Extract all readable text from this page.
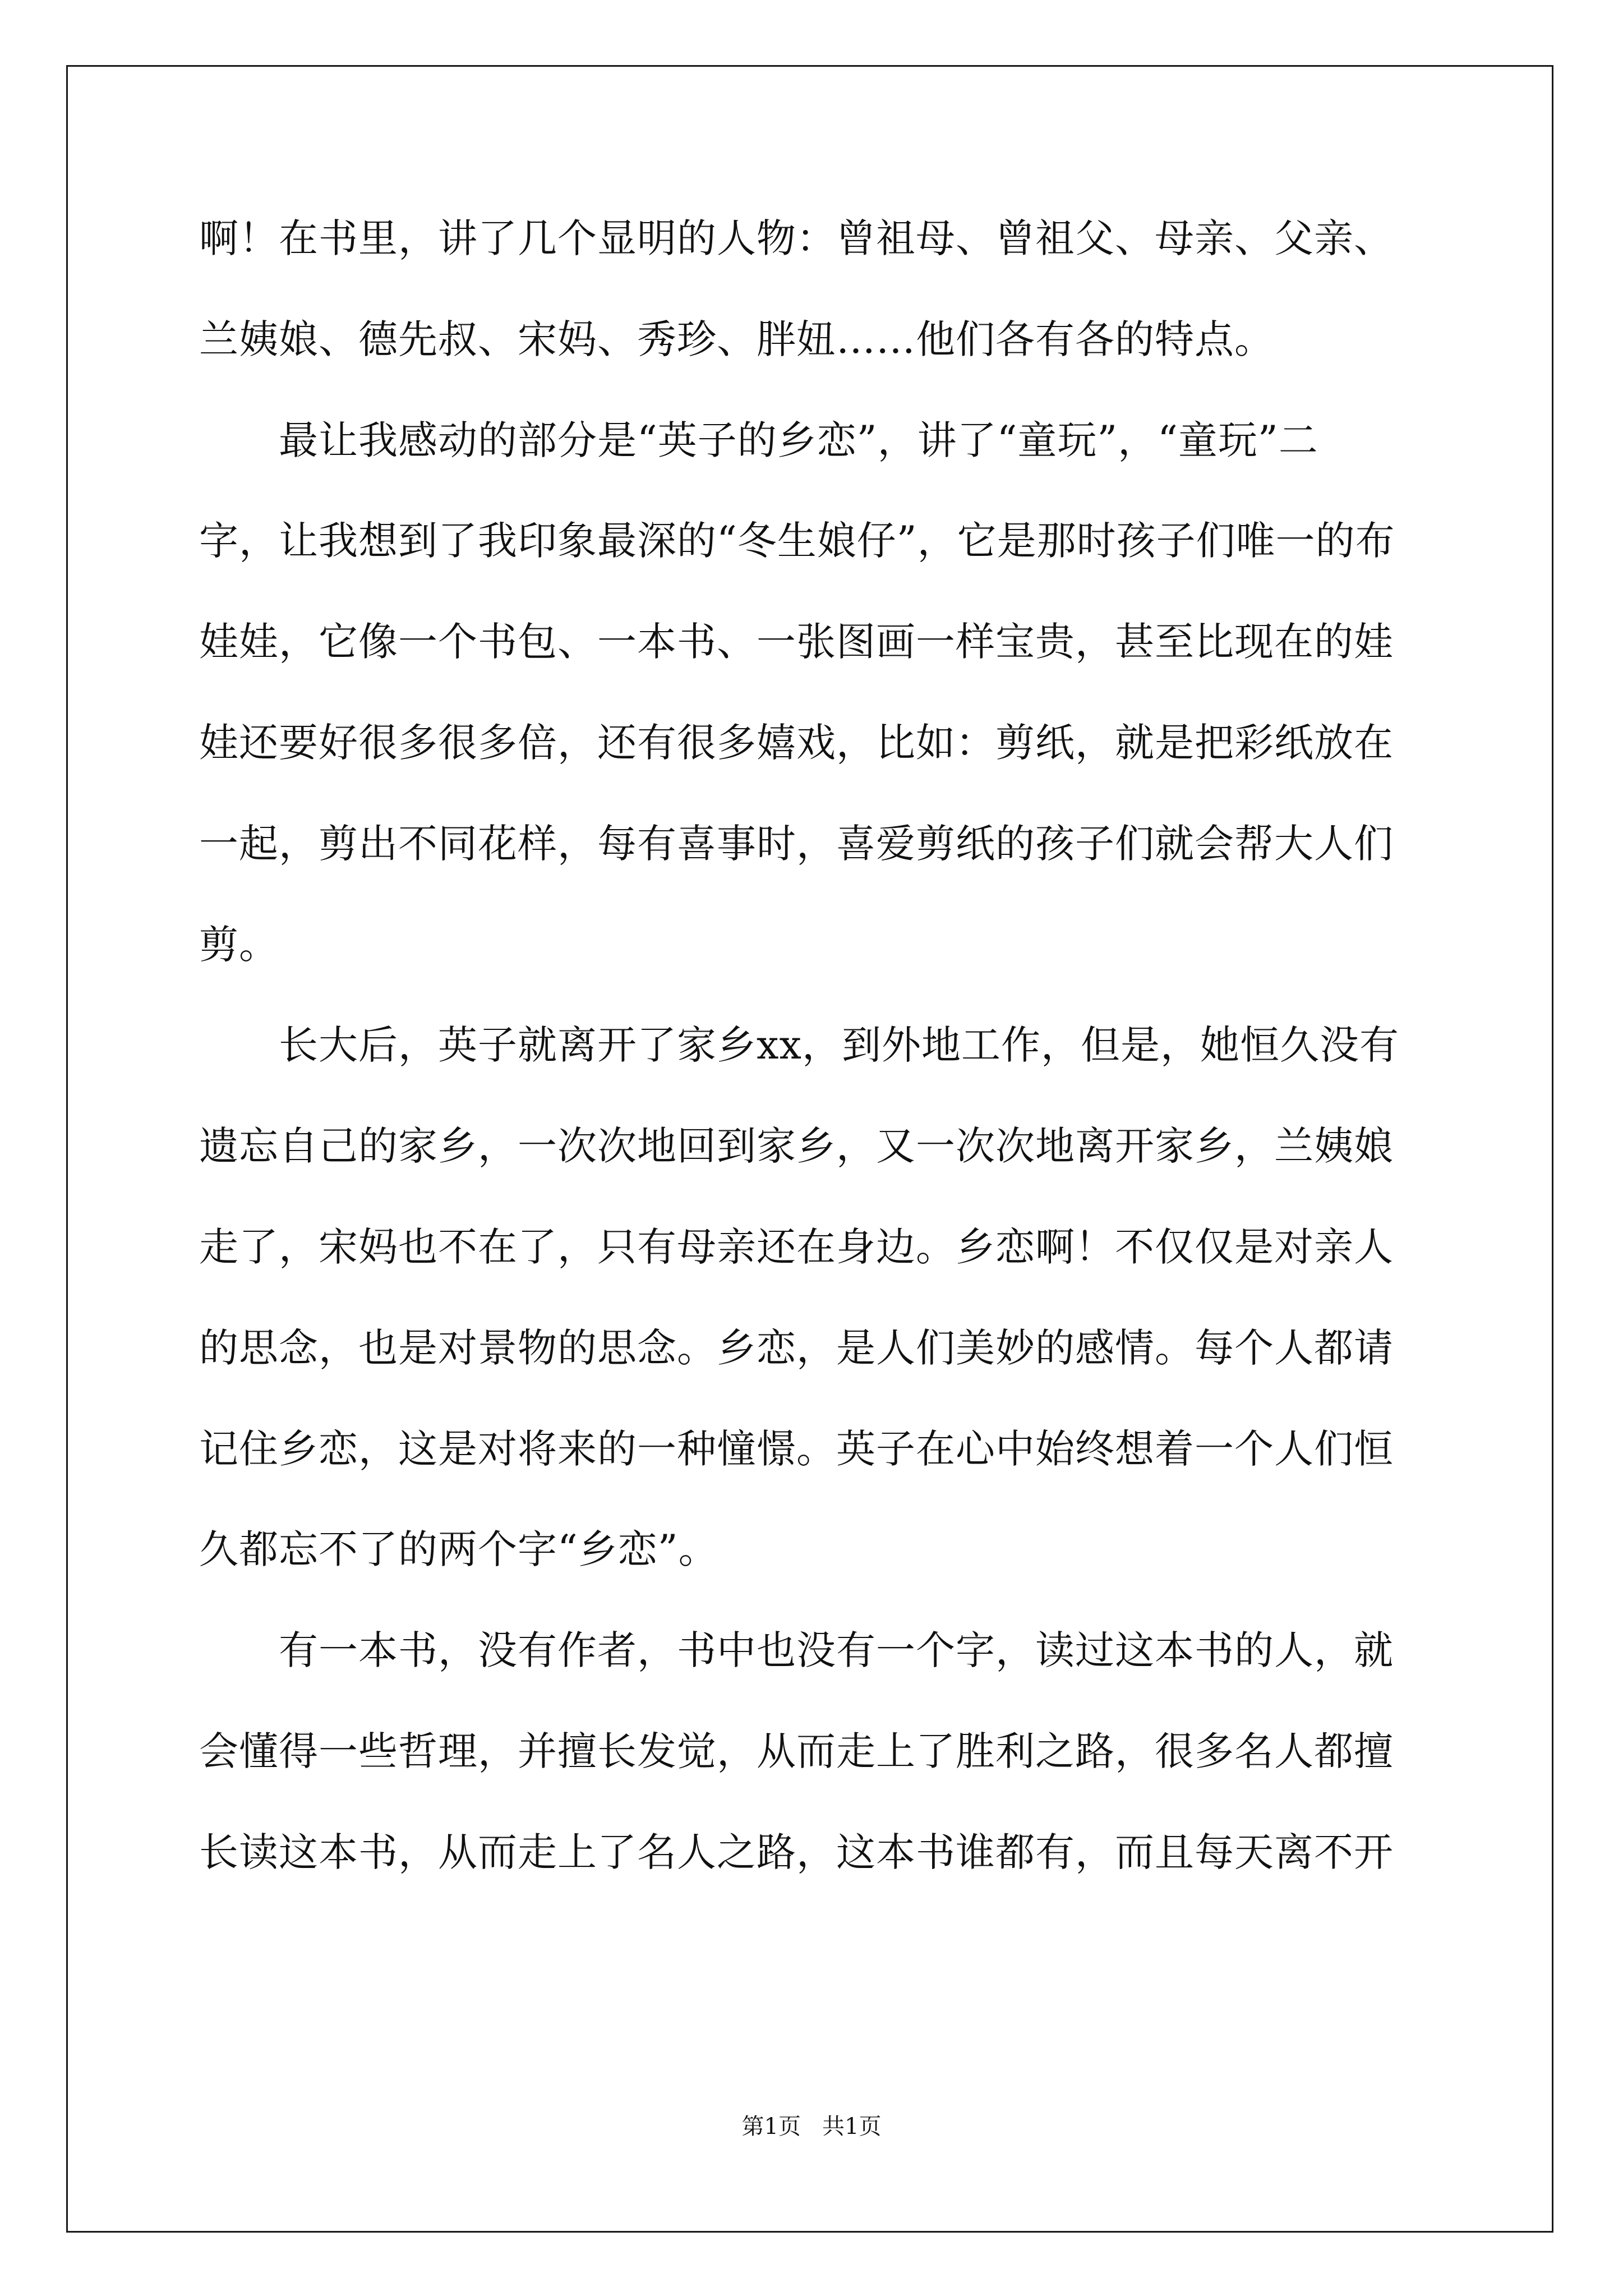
啊！在书里，讲了几个显明的人物：曾祖母、曾祖父、母亲、父亲、
兰姨娘、德先叔、宋妈、秀珍、胖妞……他们各有各的特点。
　　最让我感动的部分是“英子的乡恋”，讲了“童玩”，“童玩”二
字，让我想到了我印象最深的“冬生娘仔”，它是那时孩子们唯一的布
娃娃，它像一个书包、一本书、一张图画一样宝贵，甚至比现在的娃
娃还要好很多很多倍，还有很多嬉戏，比如：剪纸，就是把彩纸放在
一起，剪出不同花样，每有喜事时，喜爱剪纸的孩子们就会帮大人们
剪。
　　长大后，英子就离开了家乡xx，到外地工作，但是，她恒久没有
遗忘自己的家乡，一次次地回到家乡，又一次次地离开家乡，兰姨娘
走了，宋妈也不在了，只有母亲还在身边。乡恋啊！不仅仅是对亲人
的思念，也是对景物的思念。乡恋，是人们美妙的感情。每个人都请
记住乡恋，这是对将来的一种憧憬。英子在心中始终想着一个人们恒
久都忘不了的两个字“乡恋”。
　　有一本书，没有作者，书中也没有一个字，读过这本书的人，就
会懂得一些哲理，并擅长发觉，从而走上了胜利之路，很多名人都擅
长读这本书，从而走上了名人之路，这本书谁都有，而且每天离不开
第1页 共1页
